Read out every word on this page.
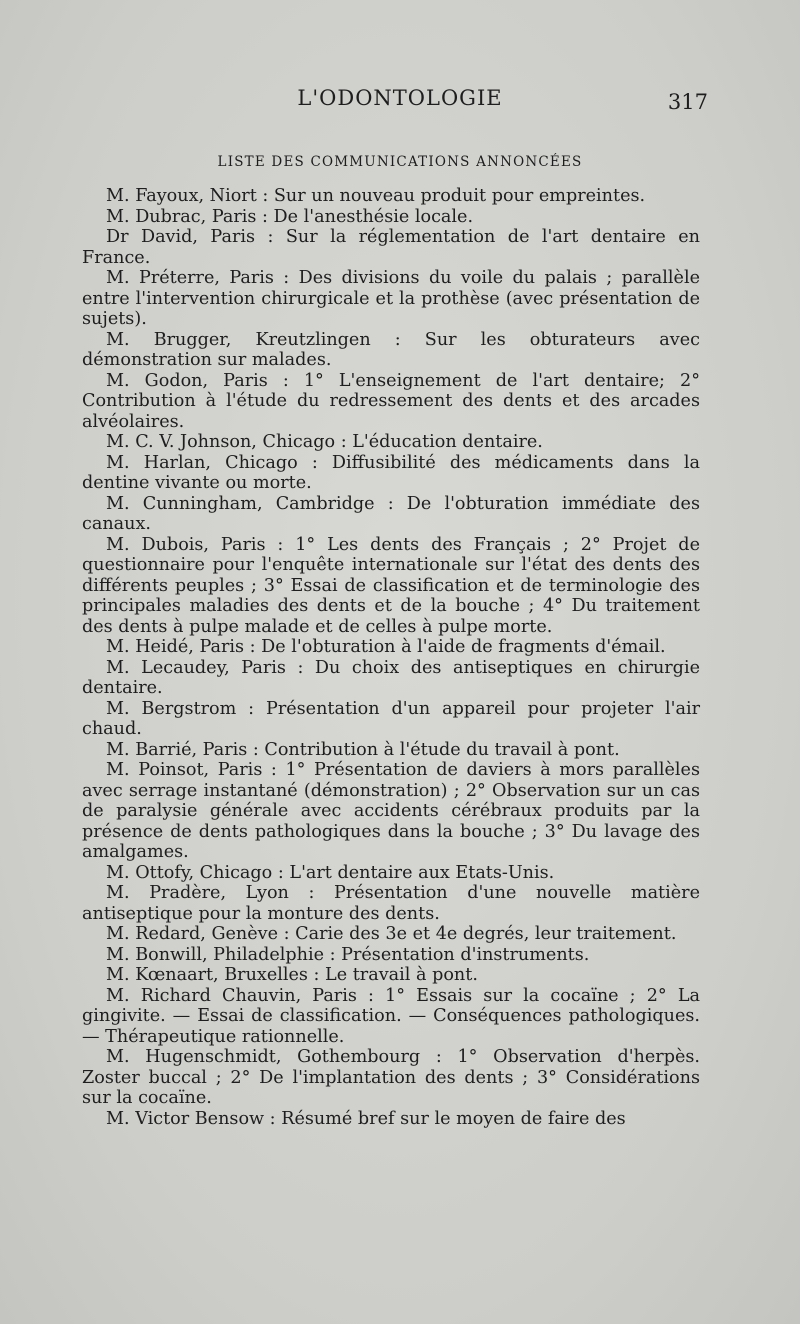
L'ODONTOLOGIE	317
LISTE DES COMMUNICATIONS ANNONCÉES

M. Fayoux, Niort : Sur un nouveau produit pour empreintes.

M. Dubrac, Paris : De l'anesthésie locale.

Dr David, Paris : Sur la réglementation de l'art dentaire en France.

M. Préterre, Paris : Des divisions du voile du palais ; parallèle entre l'intervention chirurgicale et la prothèse (avec présentation de sujets).

M. Brugger, Kreutzlingen : Sur les obturateurs avec démonstration sur malades.

M. Godon, Paris : 1° L'enseignement de l'art dentaire; 2° Contribution à l'étude du redressement des dents et des arcades alvéolaires.

M. C. V. Johnson, Chicago : L'éducation dentaire.

M. Harlan, Chicago : Diffusibilité des médicaments dans la dentine vivante ou morte.

M. Cunningham, Cambridge : De l'obturation immédiate des canaux.

M. Dubois, Paris : 1° Les dents des Français ; 2° Projet de questionnaire pour l'enquête internationale sur l'état des dents des différents peuples ; 3° Essai de classification et de terminologie des principales maladies des dents et de la bouche ; 4° Du traitement des dents à pulpe malade et de celles à pulpe morte.

M. Heidé, Paris : De l'obturation à l'aide de fragments d'émail.

M. Lecaudey, Paris : Du choix des antiseptiques en chirurgie dentaire.

M. Bergstrom : Présentation d'un appareil pour projeter l'air chaud.

M. Barrié, Paris : Contribution à l'étude du travail à pont.

M. Poinsot, Paris : 1° Présentation de daviers à mors parallèles avec serrage instantané (démonstration) ; 2° Observation sur un cas de paralysie générale avec accidents cérébraux produits par la présence de dents pathologiques dans la bouche ; 3° Du lavage des amalgames.

M. Ottofy, Chicago : L'art dentaire aux Etats-Unis.

M. Pradère, Lyon : Présentation d'une nouvelle matière antiseptique pour la monture des dents.

M. Redard, Genève : Carie des 3e et 4e degrés, leur traitement.

M. Bonwill, Philadelphie : Présentation d'instruments.

M. Kœnaart, Bruxelles : Le travail à pont.

M. Richard Chauvin, Paris : 1° Essais sur la cocaïne ; 2° La gingivite. — Essai de classification. — Conséquences pathologiques. — Thérapeutique rationnelle.

M. Hugenschmidt, Gothembourg : 1° Observation d'herpès. Zoster buccal ; 2° De l'implantation des dents ; 3° Considérations sur la cocaïne.

M. Victor Bensow : Résumé bref sur le moyen de faire des
